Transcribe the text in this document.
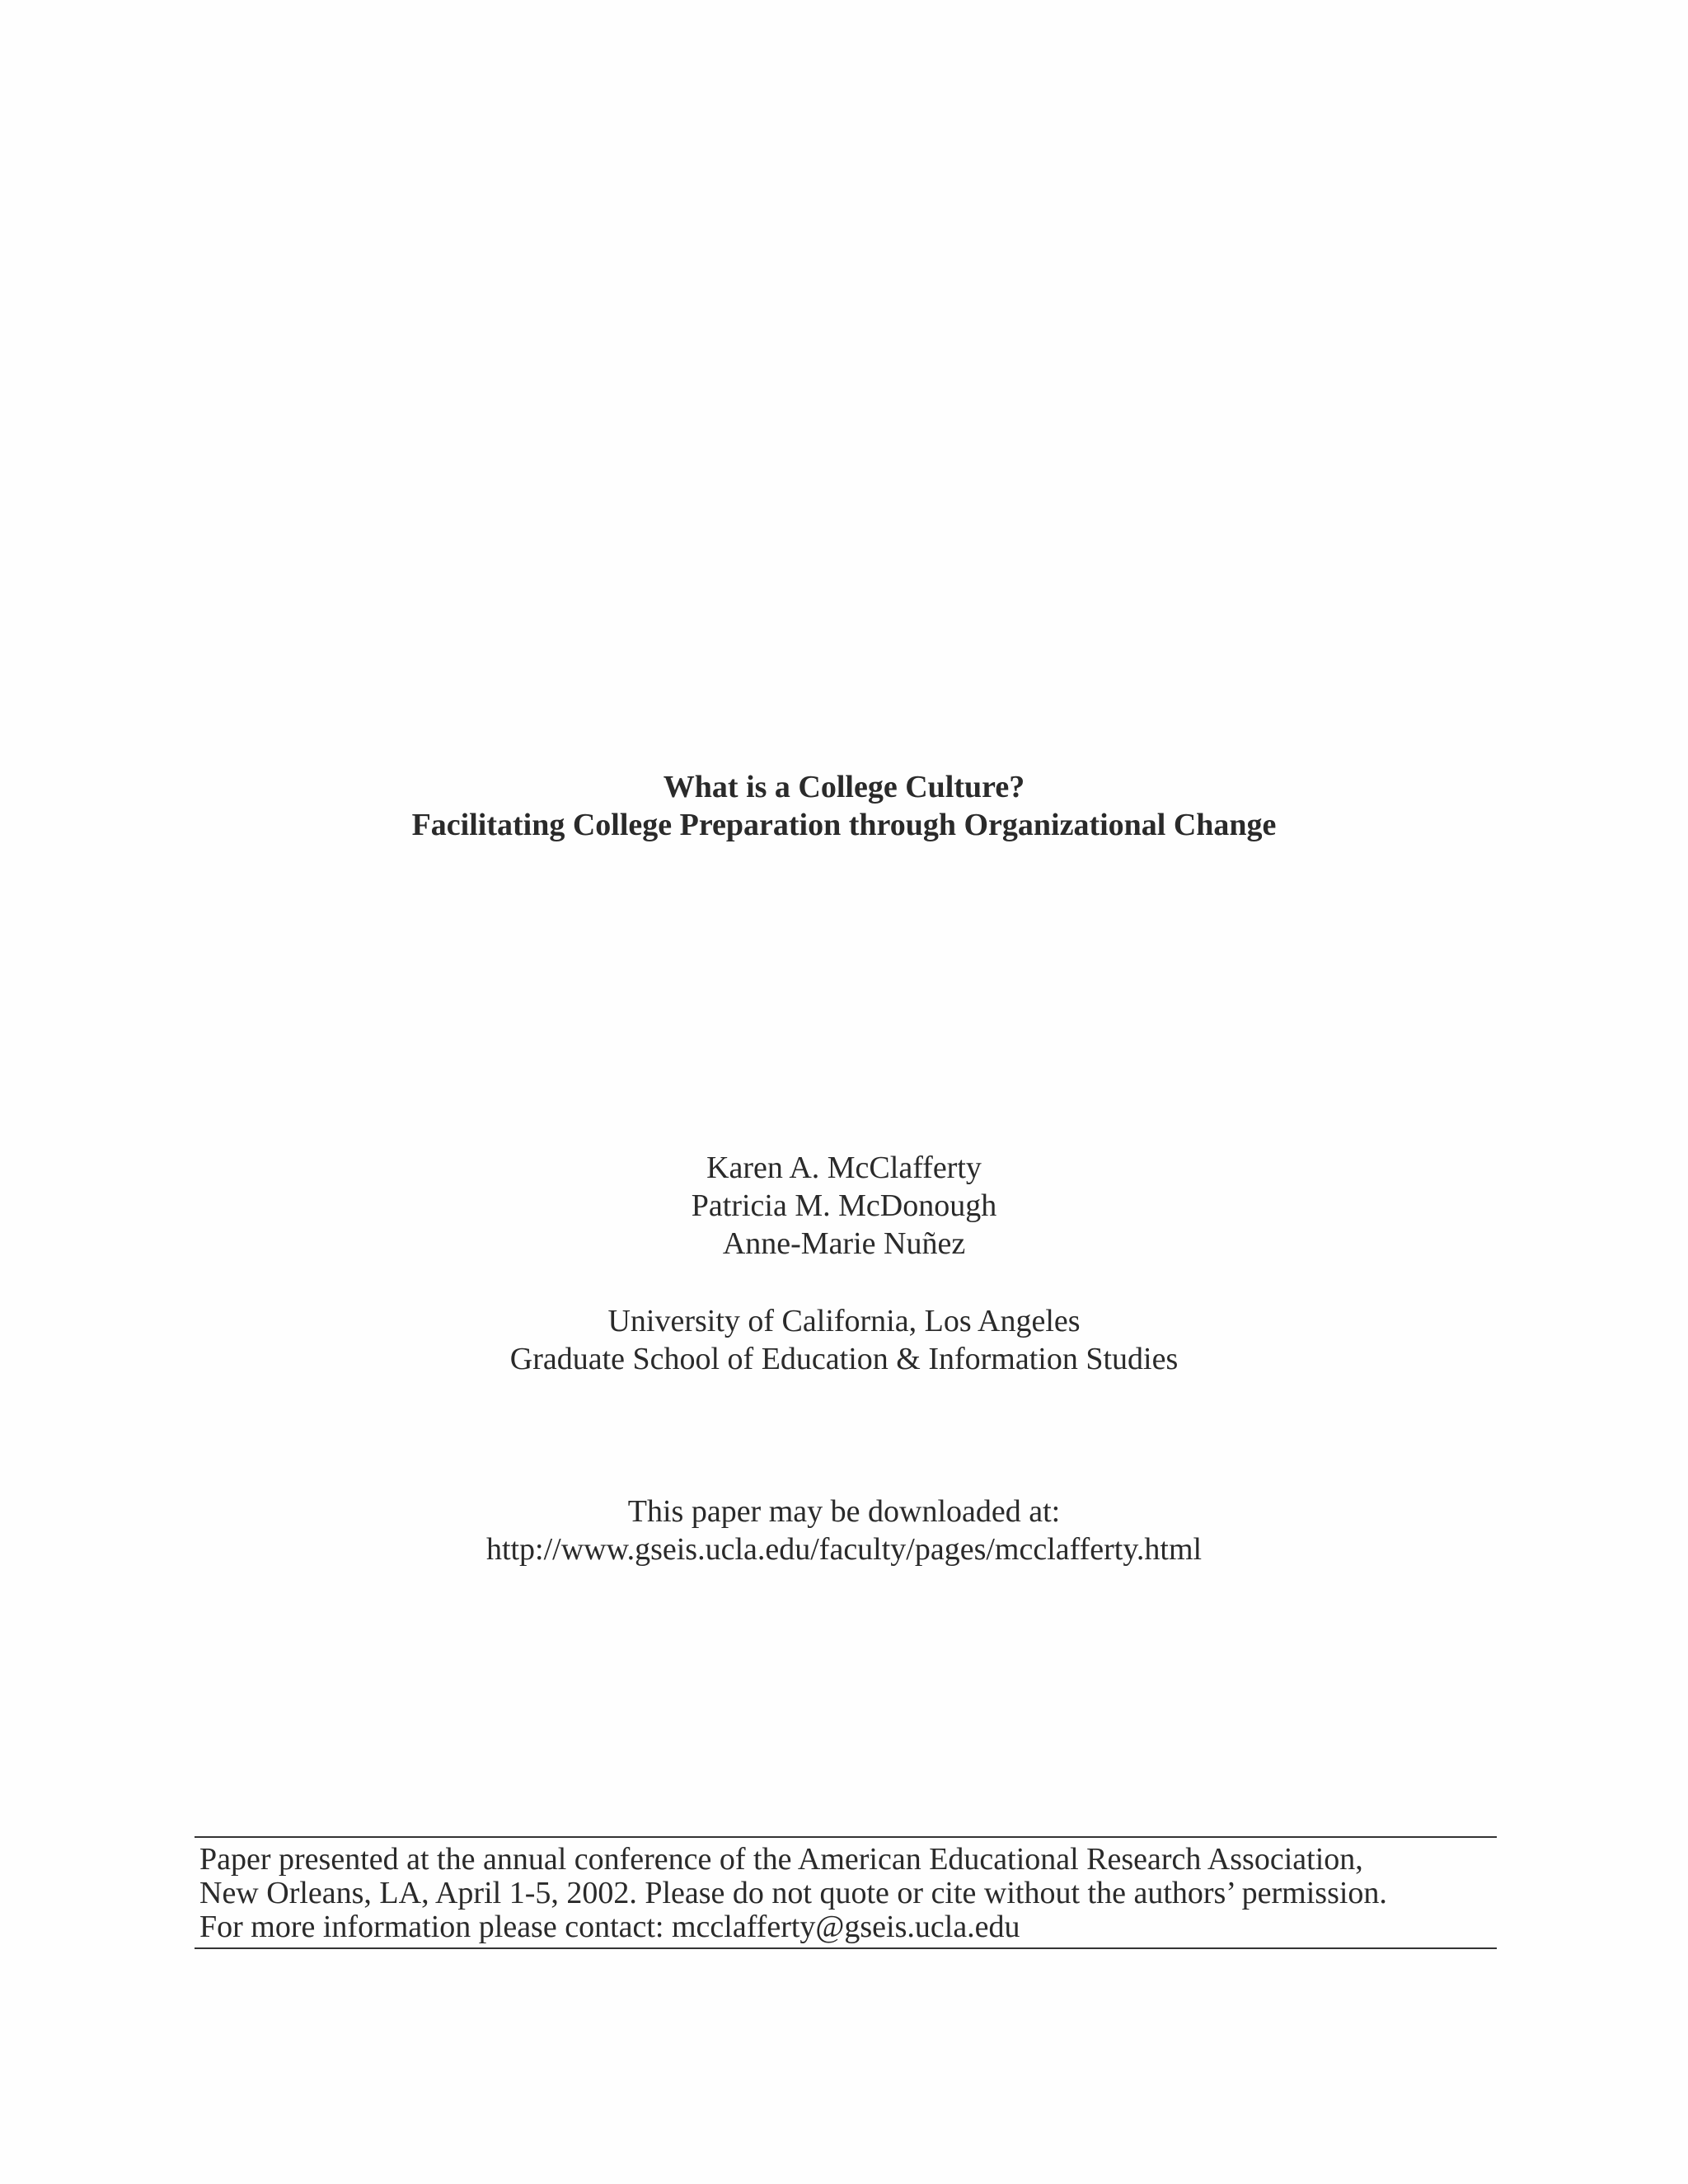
What is a College Culture?
Facilitating College Preparation through Organizational Change
Karen A. McClafferty
Patricia M. McDonough
Anne-Marie Nuñez
University of California, Los Angeles
Graduate School of Education & Information Studies
This paper may be downloaded at:
http://www.gseis.ucla.edu/faculty/pages/mcclafferty.html
Paper presented at the annual conference of the American Educational Research Association,
New Orleans, LA, April 1-5, 2002. Please do not quote or cite without the authors’ permission.
For more information please contact: mcclafferty@gseis.ucla.edu
